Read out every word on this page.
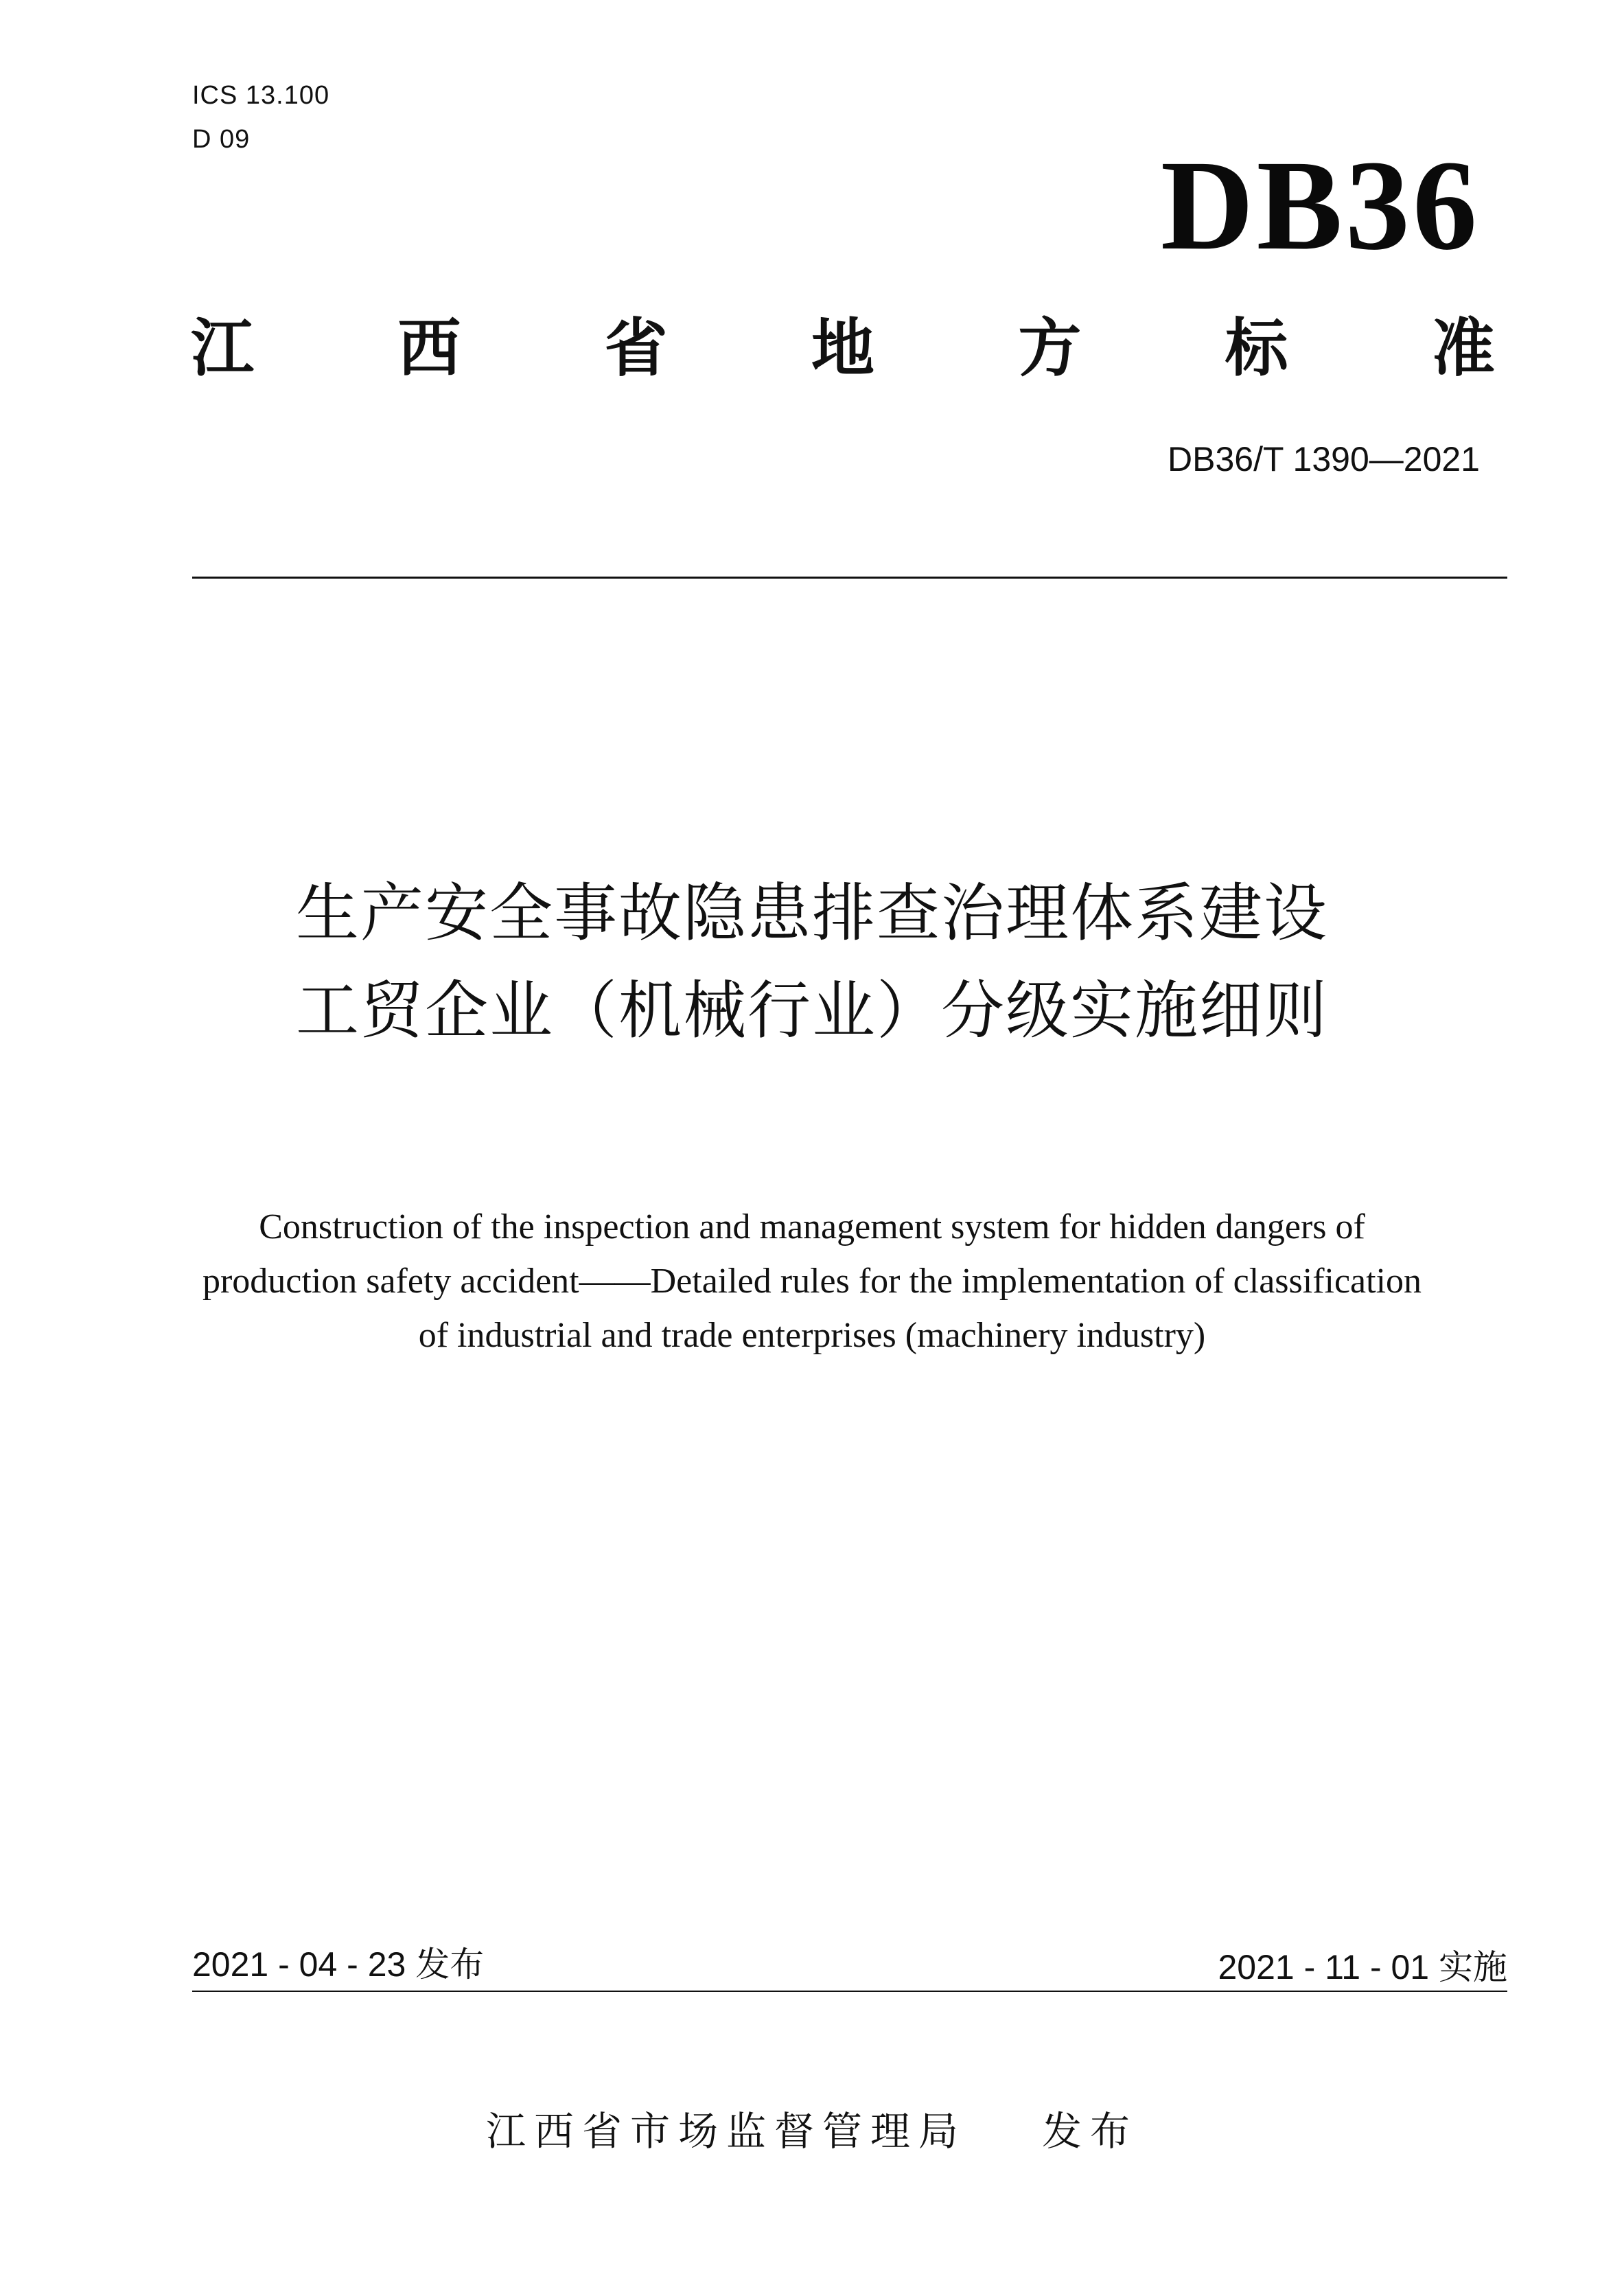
ICS 13.100
D 09	DB36
江 西 省 地 方 标 准
DB36/T 1390—2021
生产安全事故隐患排查治理体系建设
工贸企业（机械行业）分级实施细则
Construction of the inspection and management system for hidden dangers of
production safety accident——Detailed rules for the implementation of classification
of industrial and trade enterprises (machinery industry)
2021 - 04 - 23 发布	2021 - 11 - 01 实施
江西省市场监督管理局 发布
